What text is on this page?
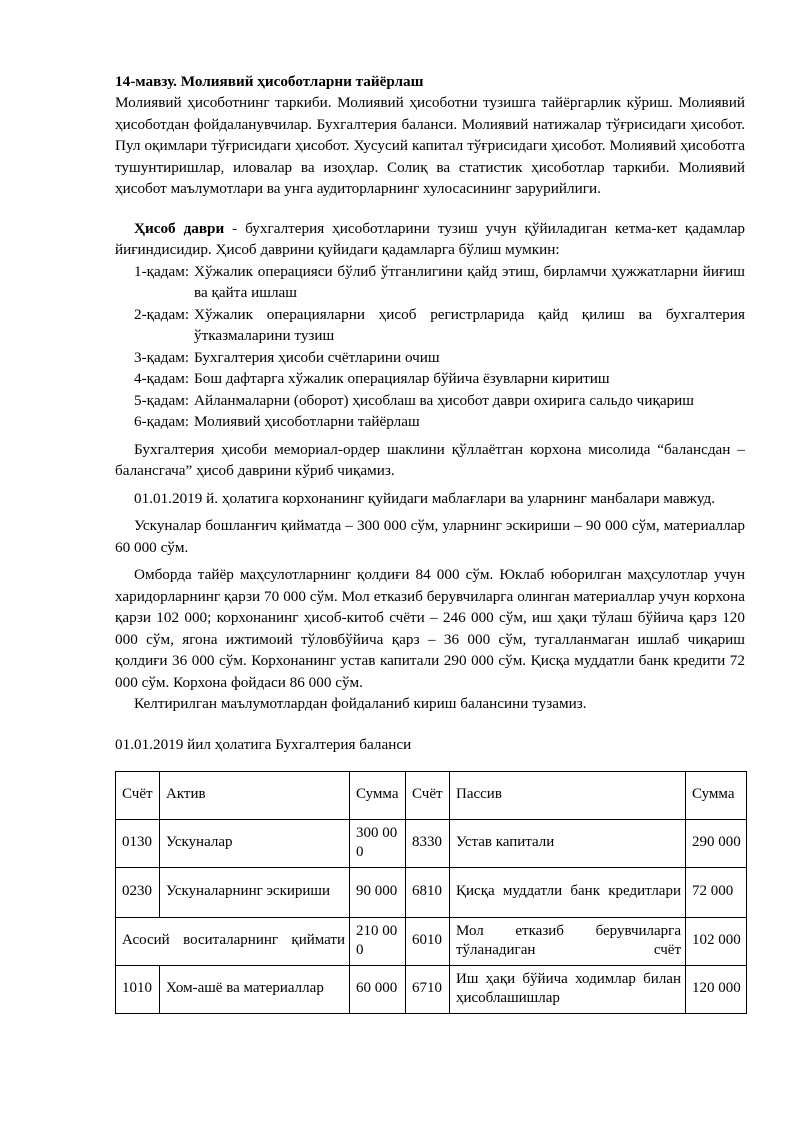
14-мавзу. Молиявий ҳисоботларни тайёрлаш

Молиявий ҳисоботнинг таркиби. Молиявий ҳисоботни тузишга тайёргарлик кўриш. Молиявий ҳисоботдан фойдаланувчилар. Бухгалтерия баланси. Молиявий натижалар тўғрисидаги ҳисобот. Пул оқимлари тўғрисидаги ҳисобот. Хусусий капитал тўғрисидаги ҳисобот. Молиявий ҳисоботга тушунтиришлар, иловалар ва изоҳлар. Солиқ ва статистик ҳисоботлар таркиби. Молиявий ҳисобот маълумотлари ва унга аудиторларнинг хулосасининг зарурийлиги.

Ҳисоб даври - бухгалтерия ҳисоботларини тузиш учун қўйиладиган кетма-кет қадамлар йиғиндисидир. Ҳисоб даврини қуйидаги қадамларга бўлиш мумкин:

1-қадам: Хўжалик операцияси бўлиб ўтганлигини қайд этиш, бирламчи ҳужжатларни йиғиш ва қайта ишлаш
2-қадам: Хўжалик операцияларни ҳисоб регистрларида қайд қилиш ва бухгалтерия ўтказмаларини тузиш
3-қадам: Бухгалтерия ҳисоби счётларини очиш
4-қадам: Бош дафтарга хўжалик операциялар бўйича ёзувларни киритиш
5-қадам: Айланмаларни (оборот) ҳисоблаш ва ҳисобот даври охирига сальдо чиқариш
6-қадам: Молиявий ҳисоботларни тайёрлаш

Бухгалтерия ҳисоби мемориал-ордер шаклини қўллаётган корхона мисолида “балансдан –балансгача” ҳисоб даврини кўриб чиқамиз.

01.01.2019 й. ҳолатига корхонанинг қуйидаги маблағлари ва уларнинг манбалари мавжуд.

Ускуналар бошланғич қийматда – 300 000 сўм, уларнинг эскириши – 90 000 сўм, материаллар 60 000 сўм.

Омборда тайёр маҳсулотларнинг қолдиғи 84 000 сўм. Юклаб юборилган маҳсулотлар учун харидорларнинг қарзи 70 000 сўм. Мол етказиб берувчиларга олинган материаллар учун корхона қарзи 102 000; корхонанинг ҳисоб-китоб счёти – 246 000 сўм, иш ҳақи тўлаш бўйича қарз 120 000 сўм, ягона ижтимоий тўловбўйича қарз – 36 000 сўм, тугалланмаган ишлаб чиқариш қолдиғи 36 000 сўм. Корхонанинг устав капитали 290 000 сўм. Қисқа муддатли банк кредити 72 000 сўм. Корхона фойдаси 86 000 сўм.

Келтирилган маълумотлардан фойдаланиб кириш балансини тузамиз.

01.01.2019 йил ҳолатига Бухгалтерия баланси

Счёт	Актив	Сумма	Счёт	Пассив	Сумма
0130	Ускуналар	300 000	8330	Устав капитали	290 000
0230	Ускуналарнинг эскириши	90 000	6810	Қисқа муддатли банк кредитлари	72 000
Асосий воситаларнинг қиймати		210 000	6010	Мол етказиб берувчиларга тўланадиган счёт	102 000
1010	Хом-ашё ва материаллар	60 000	6710	Иш ҳақи бўйича ходимлар билан ҳисоблашишлар	120 000
